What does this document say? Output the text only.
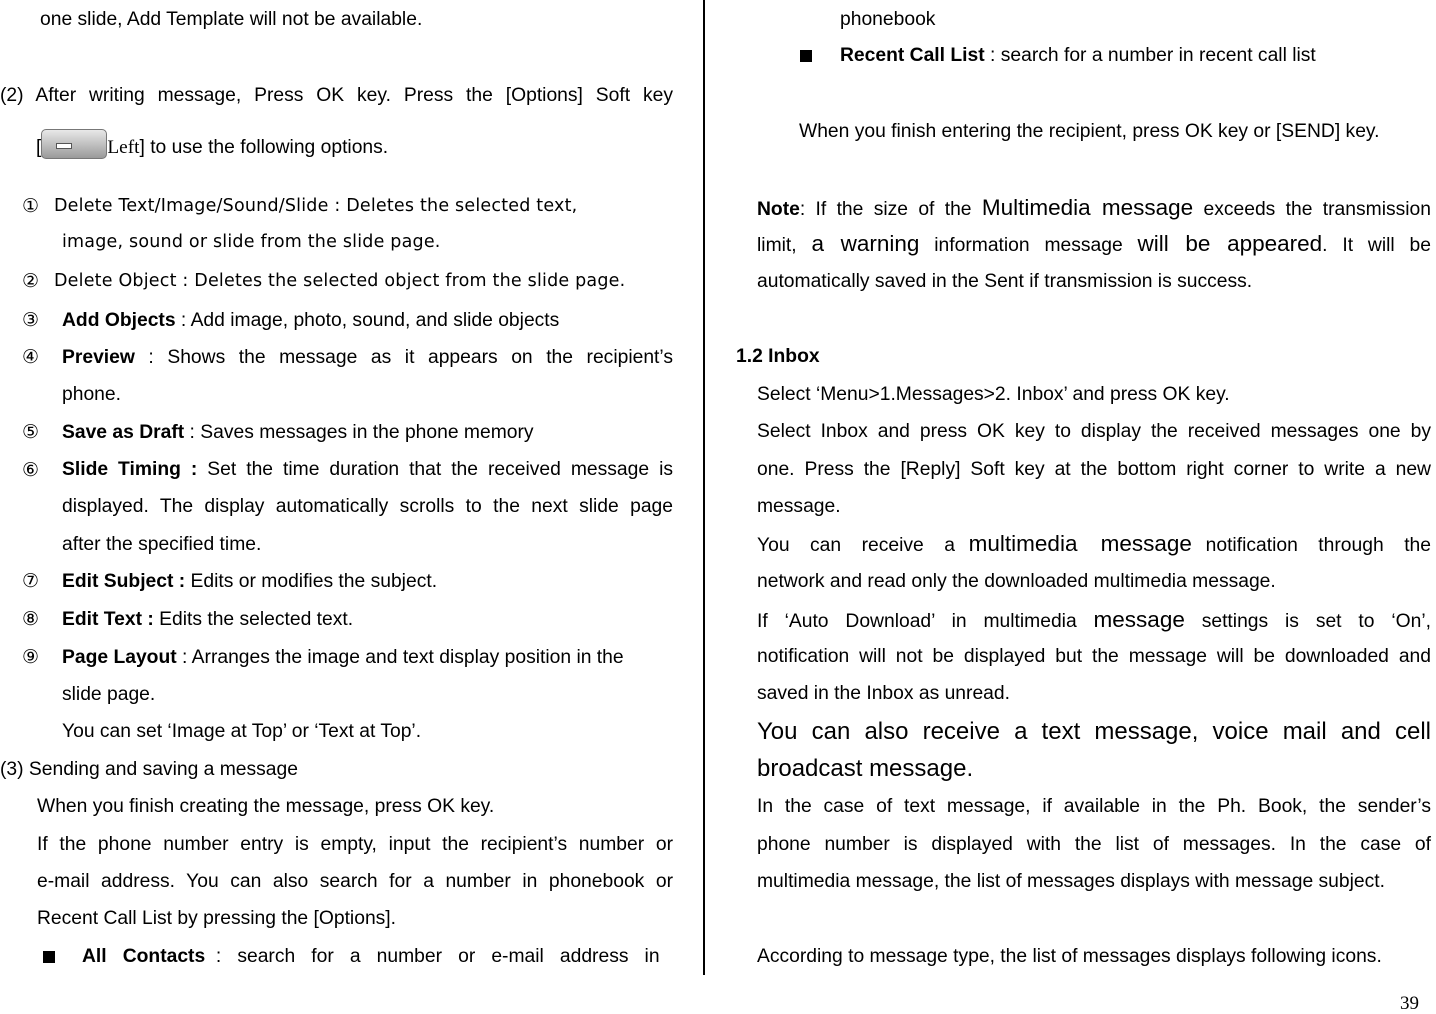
one slide, Add Template will not be available.
(2) After writing message, Press OK key. Press the [Options] Soft key
[	Left] to use the following options.
① Delete Text/Image/Sound/Slide : Deletes the selected text,
image, sound or slide from the slide page.
② Delete Object : Deletes the selected object from the slide page.
③ Add Objects : Add image, photo, sound, and slide objects
④ Preview : Shows the message as it appears on the recipient’s
phone.
⑤ Save as Draft : Saves messages in the phone memory
⑥ Slide Timing : Set the time duration that the received message is
displayed. The display automatically scrolls to the next slide page
after the specified time.
⑦ Edit Subject : Edits or modifies the subject.
⑧ Edit Text : Edits the selected text.
⑨ Page Layout : Arranges the image and text display position in the
slide page.
You can set ‘Image at Top’ or ‘Text at Top’.
(3) Sending and saving a message
When you finish creating the message, press OK key.
If the phone number entry is empty, input the recipient’s number or
e-mail address. You can also search for a number in phonebook or
Recent Call List by pressing the [Options].
All   Contacts  :   search   for   a   number   or   e-mail   address   in
phonebook
Recent Call List : search for a number in recent call list
When you finish entering the recipient, press OK key or [SEND] key.
Note: If the size of the Multimedia message exceeds the transmission
limit,  a  warning  information  message  will  be  appeared.  It  will  be
automatically saved in the Sent if transmission is success.
1.2 Inbox
Select ‘Menu>1.Messages>2. Inbox’ and press OK key.
Select Inbox and press OK key to display the received messages one by
one. Press the [Reply] Soft key at the bottom right corner to write a new
message.
You   can   receive   a  multimedia   message  notification   through   the
network and read only the downloaded multimedia message.
If  ‘Auto  Download’  in  multimedia  message  settings  is  set  to  ‘On’,
notification will not be displayed but the message will be downloaded and
saved in the Inbox as unread.
You can also receive a text message, voice mail and cell
broadcast message.
In the case of text message, if available in the Ph. Book, the sender’s
phone number is displayed with the list of messages. In the case of
multimedia message, the list of messages displays with message subject.
According to message type, the list of messages displays following icons.
39
